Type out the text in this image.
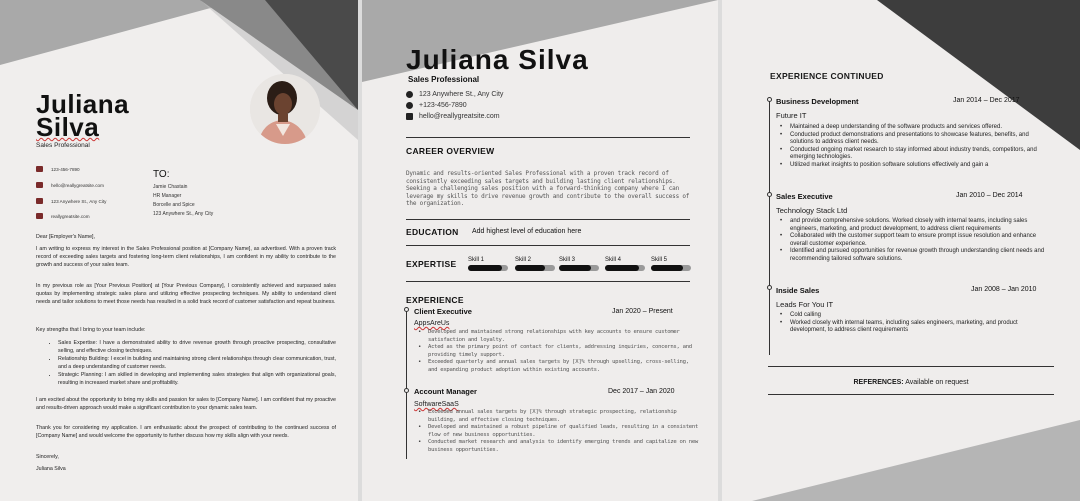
Juliana
Silva
Sales Professional
123-456-7890
hello@reallygreatsite.com
123 Anywhere St., Any City
reallygreatsite.com
TO:
Jamie Chastain
HR Manager
Borcelle and Spice
123 Anywhere St., Any City
Dear [Employer's Name],
I am writing to express my interest in the Sales Professional position at [Company Name], as advertised. With a proven track record of exceeding sales targets and fostering long-term client relationships, I am confident in my ability to contribute to the growth and success of your sales team.
In my previous role as [Your Previous Position] at [Your Previous Company], I consistently achieved and surpassed sales quotas by implementing strategic sales plans and utilizing effective prospecting techniques. My ability to understand client needs and tailor solutions to meet those needs has resulted in a solid track record of customer satisfaction and repeat business.
Key strengths that I bring to your team include:
• Sales Expertise: I have a demonstrated ability to drive revenue growth through proactive prospecting, consultative selling, and effective closing techniques.
• Relationship Building: I excel in building and maintaining strong client relationships through clear communication, trust, and a deep understanding of customer needs.
• Strategic Planning: I am skilled in developing and implementing sales strategies that align with organizational goals, resulting in increased market share and profitability.
I am excited about the opportunity to bring my skills and passion for sales to [Company Name]. I am confident that my proactive and results-driven approach would make a significant contribution to your dynamic sales team.
Thank you for considering my application. I am enthusiastic about the prospect of contributing to the continued success of [Company Name] and would welcome the opportunity to further discuss how my skills align with your needs.
Sincerely,
Juliana Silva
Juliana Silva
Sales Professional
123 Anywhere St., Any City
+123-456-7890
hello@reallygreatsite.com
CAREER OVERVIEW
Dynamic and results-oriented Sales Professional with a proven track record of consistently exceeding sales targets and building lasting client relationships. Seeking a challenging sales position with a forward-thinking company where I can leverage my skills to drive revenue growth and contribute to the overall success of the organization.
EDUCATION Add highest level of education here
EXPERTISE Skill 1	Skill 2	Skill 3	Skill 4	Skill 5
EXPERIENCE
Client Executive	Jan 2020 – Present
AppsAreUs
• Developed and maintained strong relationships with key accounts to ensure customer satisfaction and loyalty.
• Acted as the primary point of contact for clients, addressing inquiries, concerns, and providing timely support.
• Exceeded quarterly and annual sales targets by [X]% through upselling, cross-selling, and expanding product adoption within existing accounts.
Account Manager	Dec 2017 – Jan 2020
SoftwareSaaS
• Exceeded annual sales targets by [X]% through strategic prospecting, relationship building, and effective closing techniques.
• Developed and maintained a robust pipeline of qualified leads, resulting in a consistent flow of new business opportunities.
• Conducted market research and analysis to identify emerging trends and capitalize on new business opportunities.
EXPERIENCE CONTINUED
Business Development	Jan 2014 – Dec 2017
Future IT
• Maintained a deep understanding of the software products and services offered.
• Conducted product demonstrations and presentations to showcase features, benefits, and solutions to address client needs.
• Conducted ongoing market research to stay informed about industry trends, competitors, and emerging technologies.
• Utilized market insights to position software solutions effectively and gain a
Sales Executive	Jan 2010 – Dec 2014
Technology Stack Ltd
• and provide comprehensive solutions. Worked closely with internal teams, including sales engineers, marketing, and product development, to address client requirements
• Collaborated with the customer support team to ensure prompt issue resolution and enhance overall customer experience.
• Identified and pursued opportunities for revenue growth through understanding client needs and recommending tailored software solutions.
Inside Sales	Jan 2008 – Jan 2010
Leads For You IT
• Cold calling
• Worked closely with internal teams, including sales engineers, marketing, and product development, to address client requirements
REFERENCES: Available on request
